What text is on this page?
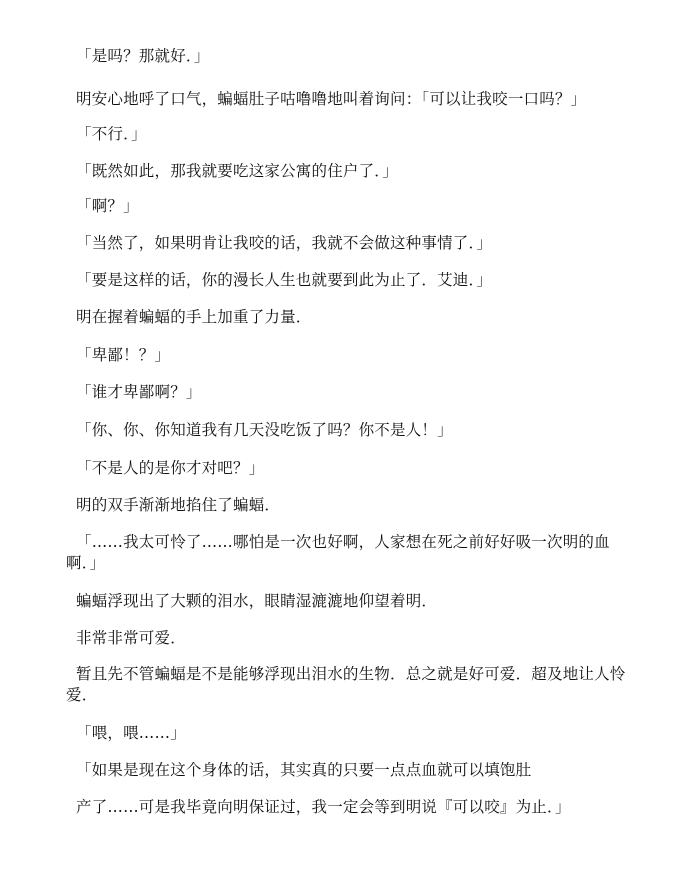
「是吗？那就好．」
明安心地呼了口气，蝙蝠肚子咕噜噜地叫着询问：「可以让我咬一口吗？」
「不行．」
「既然如此，那我就要吃这家公寓的住户了．」
「啊？」
「当然了，如果明肯让我咬的话，我就不会做这种事情了．」
「要是这样的话，你的漫长人生也就要到此为止了．艾迪．」
明在握着蝙蝠的手上加重了力量．
「卑鄙！？」
「谁才卑鄙啊？」
「你、你、你知道我有几天没吃饭了吗？你不是人！」
「不是人的是你才对吧？」
明的双手渐渐地掐住了蝙蝠．
「……我太可怜了……哪怕是一次也好啊，人家想在死之前好好吸一次明的血啊．」
蝙蝠浮现出了大颗的泪水，眼睛湿漉漉地仰望着明．
非常非常可爱．
暂且先不管蝙蝠是不是能够浮现出泪水的生物．总之就是好可爱．超及地让人怜爱．
「喂，喂……」
「如果是现在这个身体的话，其实真的只要一点点血就可以填饱肚
产了……可是我毕竟向明保证过，我一定会等到明说『可以咬』为止．」
